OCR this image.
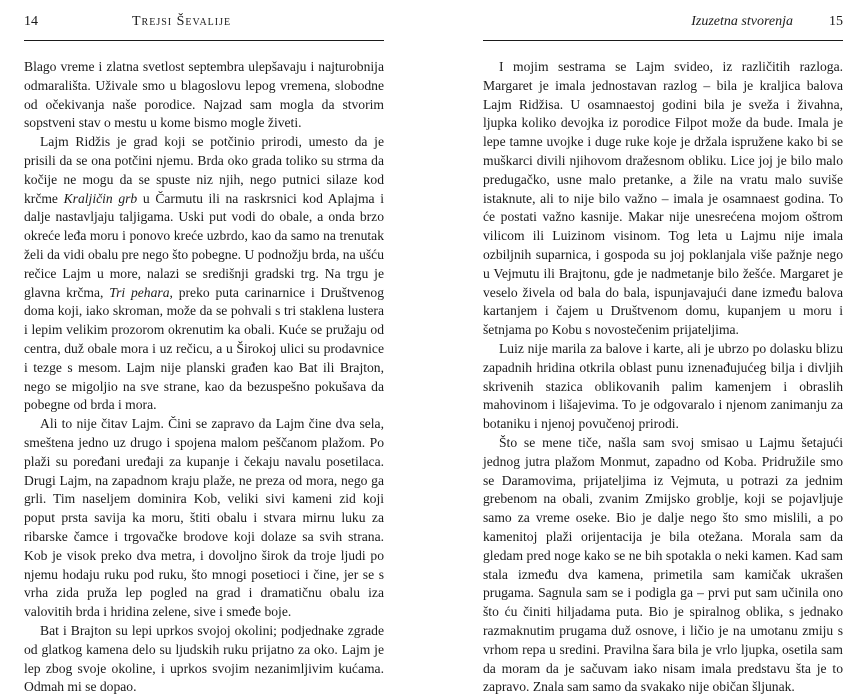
14	Trejsi Ševalije

Blago vreme i zlatna svetlost septembra ulepšavaju i najturobnija odmarališta. Uživale smo u blagoslovu lepog vremena, slobodne od očekivanja naše porodice. Najzad sam mogla da stvorim sopstveni stav o mestu u kome bismo mogle živeti.

Lajm Ridžis je grad koji se potčinio prirodi, umesto da je prisili da se ona potčini njemu. Brda oko grada toliko su strma da kočije ne mogu da se spuste niz njih, nego putnici silaze kod krčme Kraljičin grb u Čarmutu ili na raskrsnici kod Aplajma i dalje nastavljaju taljigama. Uski put vodi do obale, a onda brzo okreće leđa moru i ponovo kreće uzbrdo, kao da samo na trenutak želi da vidi obalu pre nego što pobegne. U podnožju brda, na ušću rečice Lajm u more, nalazi se središnji gradski trg. Na trgu je glavna krčma, Tri pehara, preko puta carinarnice i Društvenog doma koji, iako skroman, može da se pohvali s tri staklena lustera i lepim velikim prozorom okrenutim ka obali. Kuće se pružaju od centra, duž obale mora i uz rečicu, a u Širokoj ulici su prodavnice i tezge s mesom. Lajm nije planski građen kao Bat ili Brajton, nego se migoljio na sve strane, kao da bezuspešno pokušava da pobegne od brda i mora.

Ali to nije čitav Lajm. Čini se zapravo da Lajm čine dva sela, smeštena jedno uz drugo i spojena malom peščanom plažom. Po plaži su poređani uređaji za kupanje i čekaju navalu posetilaca. Drugi Lajm, na zapadnom kraju plaže, ne preza od mora, nego ga grli. Tim naseljem dominira Kob, veliki sivi kameni zid koji poput prsta savija ka moru, štiti obalu i stvara mirnu luku za ribarske čamce i trgovačke brodove koji dolaze sa svih strana. Kob je visok preko dva metra, i dovoljno širok da troje ljudi po njemu hodaju ruku pod ruku, što mnogi posetioci i čine, jer se s vrha zida pruža lep pogled na grad i dramatičnu obalu iza valovitih brda i hridina zelene, sive i smeđe boje.

Bat i Brajton su lepi uprkos svojoj okolini; podjednake zgrade od glatkog kamena delo su ljudskih ruku prijatno za oko. Lajm je lep zbog svoje okoline, i uprkos svojim nezanimljivim kućama. Odmah mi se dopao.

Izuzetna stvorenja	15

I mojim sestrama se Lajm svideo, iz različitih razloga. Margaret je imala jednostavan razlog – bila je kraljica balova Lajm Ridžisa. U osamnaestoj godini bila je sveža i živahna, ljupka koliko devojka iz porodice Filpot može da bude. Imala je lepe tamne uvojke i duge ruke koje je držala ispružene kako bi se muškarci divili njihovom dražesnom obliku. Lice joj je bilo malo predugačko, usne malo pretanke, a žile na vratu malo suviše istaknute, ali to nije bilo važno – imala je osamnaest godina. To će postati važno kasnije. Makar nije unesrećena mojom oštrom vilicom ili Luizinom visinom. Tog leta u Lajmu nije imala ozbiljnih suparnica, i gospoda su joj poklanjala više pažnje nego u Vejmutu ili Brajtonu, gde je nadmetanje bilo žešće. Margaret je veselo živela od bala do bala, ispunjavajući dane između balova kartanjem i čajem u Društvenom domu, kupanjem u moru i šetnjama po Kobu s novostečenim prijateljima.

Luiz nije marila za balove i karte, ali je ubrzo po dolasku blizu zapadnih hridina otkrila oblast punu iznenađujućeg bilja i divljih skrivenih stazica oblikovanih palim kamenjem i obraslih mahovinom i lišajevima. To je odgovaralo i njenom zanimanju za botaniku i njenoj povučenoj prirodi.

Što se mene tiče, našla sam svoj smisao u Lajmu šetajući jednog jutra plažom Monmut, zapadno od Koba. Pridružile smo se Daramovima, prijateljima iz Vejmuta, u potrazi za jednim grebenom na obali, zvanim Zmijsko groblje, koji se pojavljuje samo za vreme oseke. Bio je dalje nego što smo mislili, a po kamenitoj plaži orijentacija je bila otežana. Morala sam da gledam pred noge kako se ne bih spotakla o neki kamen. Kad sam stala između dva kamena, primetila sam kamičak ukrašen prugama. Sagnula sam se i podigla ga – prvi put sam učinila ono što ću činiti hiljadama puta. Bio je spiralnog oblika, s jednako razmaknutim prugama duž osnove, i ličio je na umotanu zmiju s vrhom repa u sredini. Pravilna šara bila je vrlo ljupka, osetila sam da moram da je sačuvam iako nisam imala predstavu šta je to zapravo. Znala sam samo da svakako nije običan šljunak.
